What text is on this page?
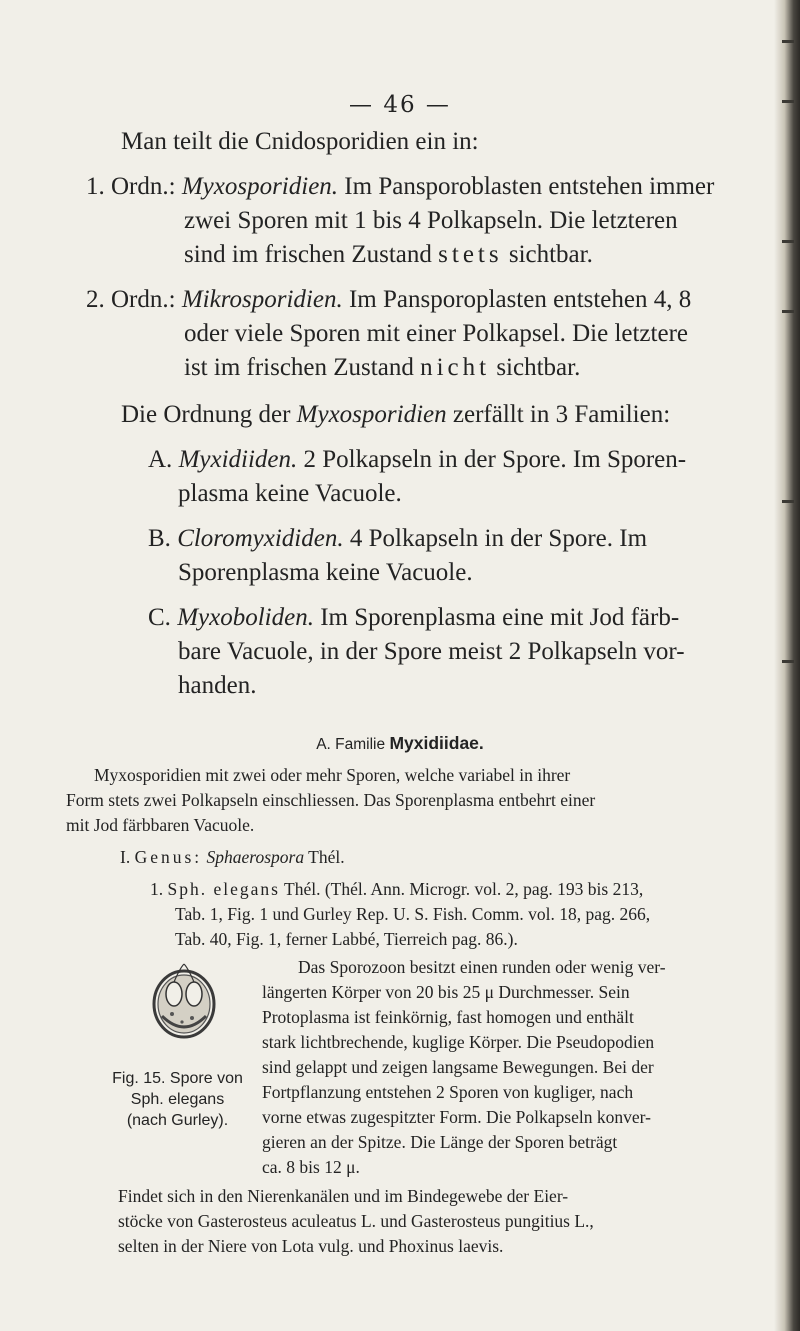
— 46 —
Man teilt die Cnidosporidien ein in:
1. Ordn.: Myxosporidien. Im Pansporoblasten entstehen immer
zwei Sporen mit 1 bis 4 Polkapseln. Die letzteren
sind im frischen Zustand stets sichtbar.
2. Ordn.: Mikrosporidien. Im Pansporoplasten entstehen 4, 8
oder viele Sporen mit einer Polkapsel. Die letztere
ist im frischen Zustand nicht sichtbar.
Die Ordnung der Myxosporidien zerfällt in 3 Familien:
A. Myxidiiden. 2 Polkapseln in der Spore. Im Sporen-
plasma keine Vacuole.
B. Cloromyxididen. 4 Polkapseln in der Spore. Im
Sporenplasma keine Vacuole.
C. Myxoboliden. Im Sporenplasma eine mit Jod färb-
bare Vacuole, in der Spore meist 2 Polkapseln vor-
handen.
A. Familie Myxidiidae.
Myxosporidien mit zwei oder mehr Sporen, welche variabel in ihrer
Form stets zwei Polkapseln einschliessen. Das Sporenplasma entbehrt einer
mit Jod färbbaren Vacuole.
I. Genus: Sphaerospora Thél.
1. Sph. elegans Thél. (Thél. Ann. Microgr. vol. 2, pag. 193 bis 213,
Tab. 1, Fig. 1 und Gurley Rep. U. S. Fish. Comm. vol. 18, pag. 266,
Tab. 40, Fig. 1, ferner Labbé, Tierreich pag. 86.).
Fig. 15. Spore von
Sph. elegans
(nach Gurley).
Das Sporozoon besitzt einen runden oder wenig ver-
längerten Körper von 20 bis 25 μ Durchmesser. Sein
Protoplasma ist feinkörnig, fast homogen und enthält
stark lichtbrechende, kuglige Körper. Die Pseudopodien
sind gelappt und zeigen langsame Bewegungen. Bei der
Fortpflanzung entstehen 2 Sporen von kugliger, nach
vorne etwas zugespitzter Form. Die Polkapseln konver-
gieren an der Spitze. Die Länge der Sporen beträgt
ca. 8 bis 12 μ.
Findet sich in den Nierenkanälen und im Bindegewebe der Eier-
stöcke von Gasterosteus aculeatus L. und Gasterosteus pungitius L.,
selten in der Niere von Lota vulg. und Phoxinus laevis.
